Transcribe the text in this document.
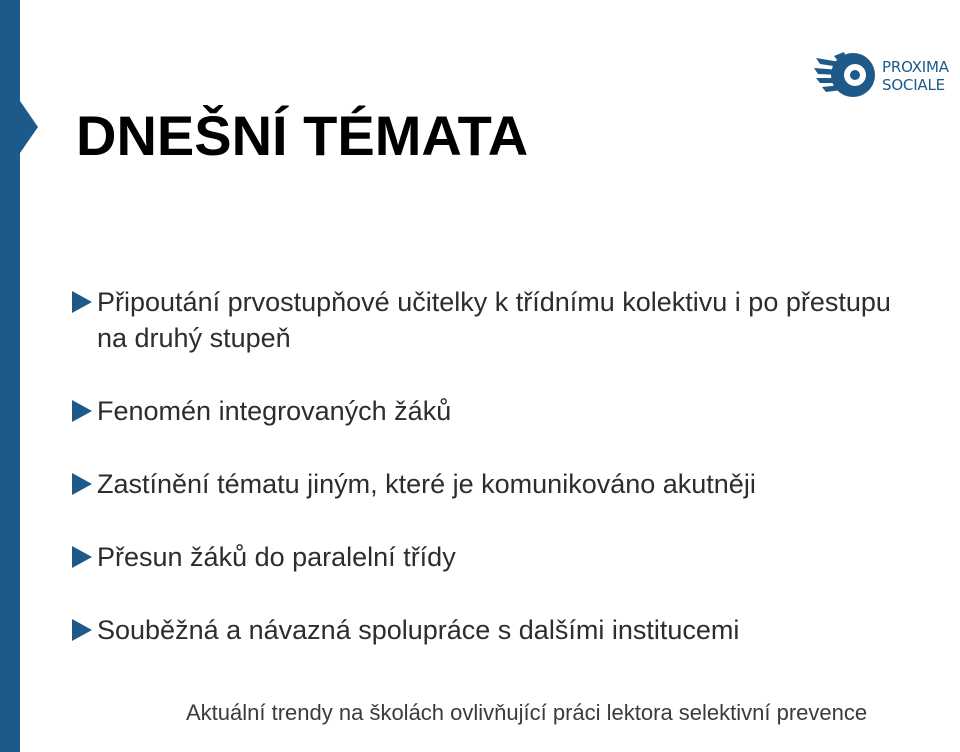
PROXIMA
SOCIALE
DNEŠNÍ TÉMATA
Připoutání prvostupňové učitelky k třídnímu kolektivu i po přestupu na druhý stupeň
Fenomén integrovaných žáků
Zastínění tématu jiným, které je komunikováno akutněji
Přesun žáků do paralelní třídy
Souběžná a návazná spolupráce s dalšími institucemi
Aktuální trendy na školách ovlivňující práci lektora selektivní prevence
